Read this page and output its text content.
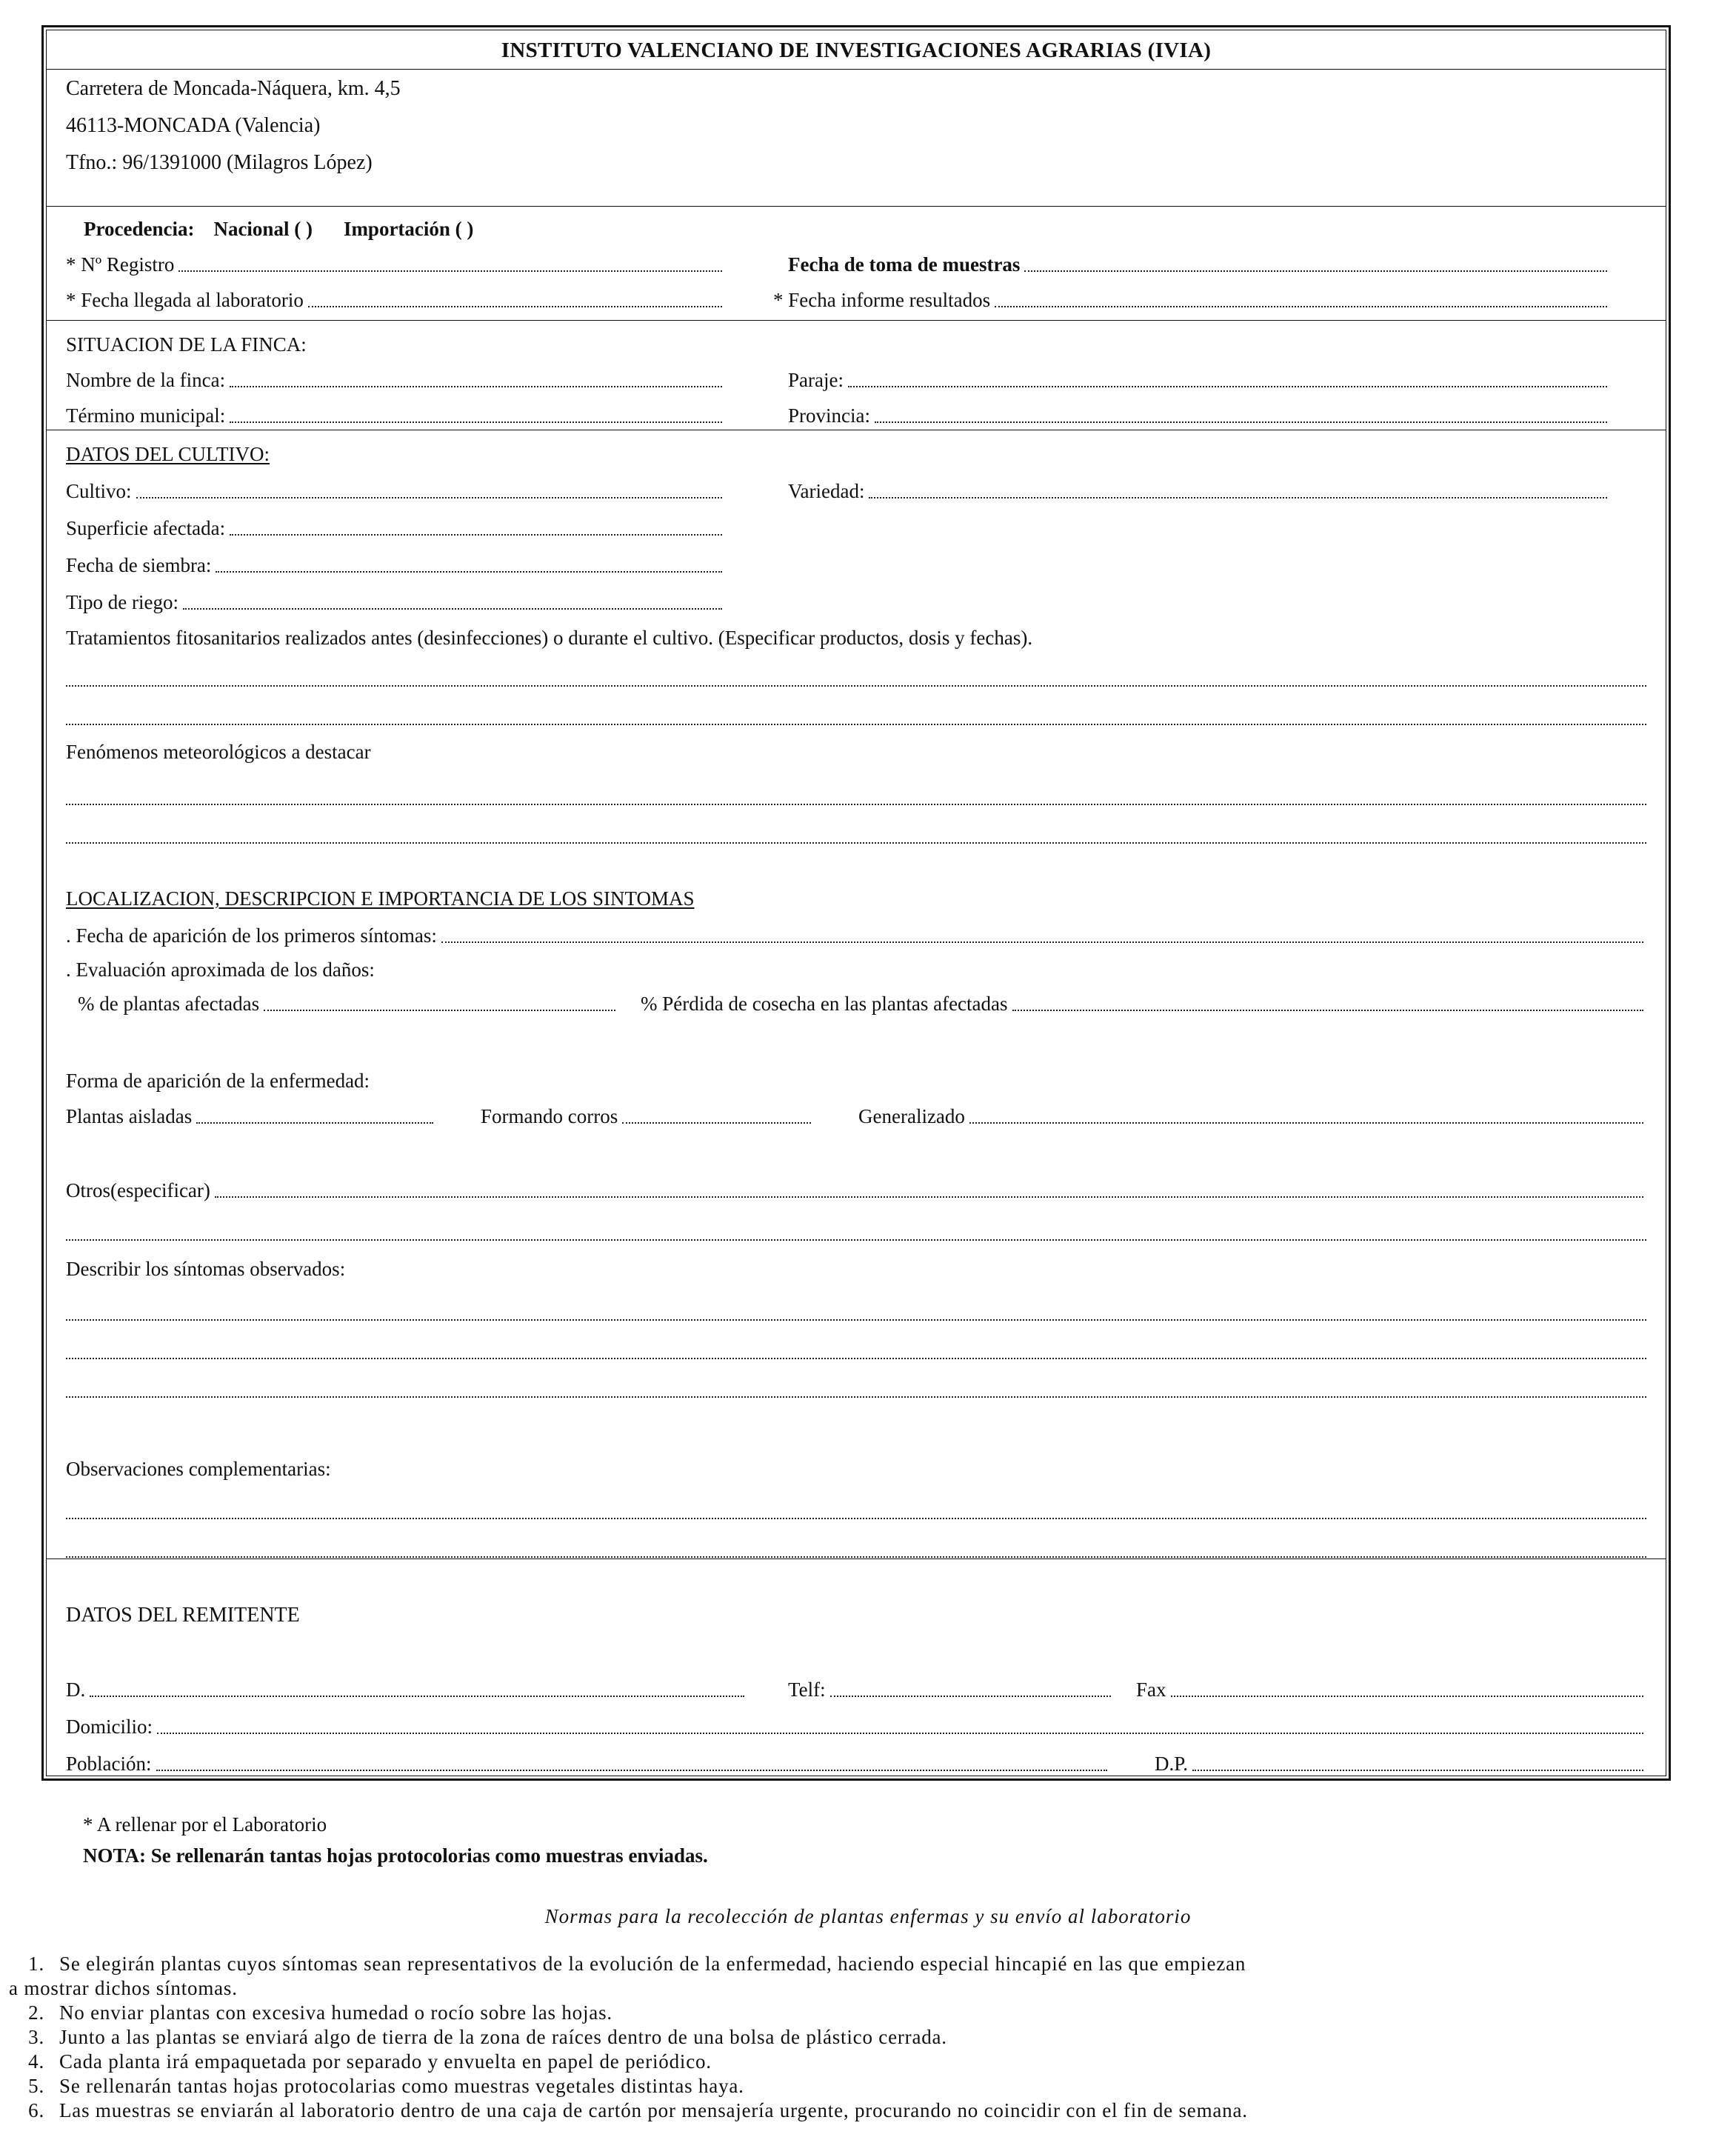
INSTITUTO VALENCIANO DE INVESTIGACIONES AGRARIAS (IVIA)
Carretera de Moncada-Náquera, km. 4,5
46113-MONCADA (Valencia)
Tfno.: 96/1391000 (Milagros López)
Procedencia: Nacional ( ) Importación ( )
* Nº Registro	Fecha de toma de muestras
* Fecha llegada al laboratorio	* Fecha informe resultados
SITUACION DE LA FINCA:
Nombre de la finca:	Paraje:
Término municipal:	Provincia:
DATOS DEL CULTIVO:
Cultivo:	Variedad:
Superficie afectada:
Fecha de siembra:
Tipo de riego:
Tratamientos fitosanitarios realizados antes (desinfecciones) o durante el cultivo. (Especificar productos, dosis y fechas).
Fenómenos meteorológicos a destacar
LOCALIZACION, DESCRIPCION E IMPORTANCIA DE LOS SINTOMAS
. Fecha de aparición de los primeros síntomas:
. Evaluación aproximada de los daños:
% de plantas afectadas	% Pérdida de cosecha en las plantas afectadas
Forma de aparición de la enfermedad:
Plantas aisladas	Formando corros	Generalizado
Otros(especificar)
Describir los síntomas observados:
Observaciones complementarias:
DATOS DEL REMITENTE
D.	Telf:	Fax
Domicilio:
Población:	D.P.
* A rellenar por el Laboratorio
NOTA: Se rellenarán tantas hojas protocolorias como muestras enviadas.
Normas para la recolección de plantas enfermas y su envío al laboratorio
1. Se elegirán plantas cuyos síntomas sean representativos de la evolución de la enfermedad, haciendo especial hincapié en las que empiezan
a mostrar dichos síntomas.
2. No enviar plantas con excesiva humedad o rocío sobre las hojas.
3. Junto a las plantas se enviará algo de tierra de la zona de raíces dentro de una bolsa de plástico cerrada.
4. Cada planta irá empaquetada por separado y envuelta en papel de periódico.
5. Se rellenarán tantas hojas protocolarias como muestras vegetales distintas haya.
6. Las muestras se enviarán al laboratorio dentro de una caja de cartón por mensajería urgente, procurando no coincidir con el fin de semana.
